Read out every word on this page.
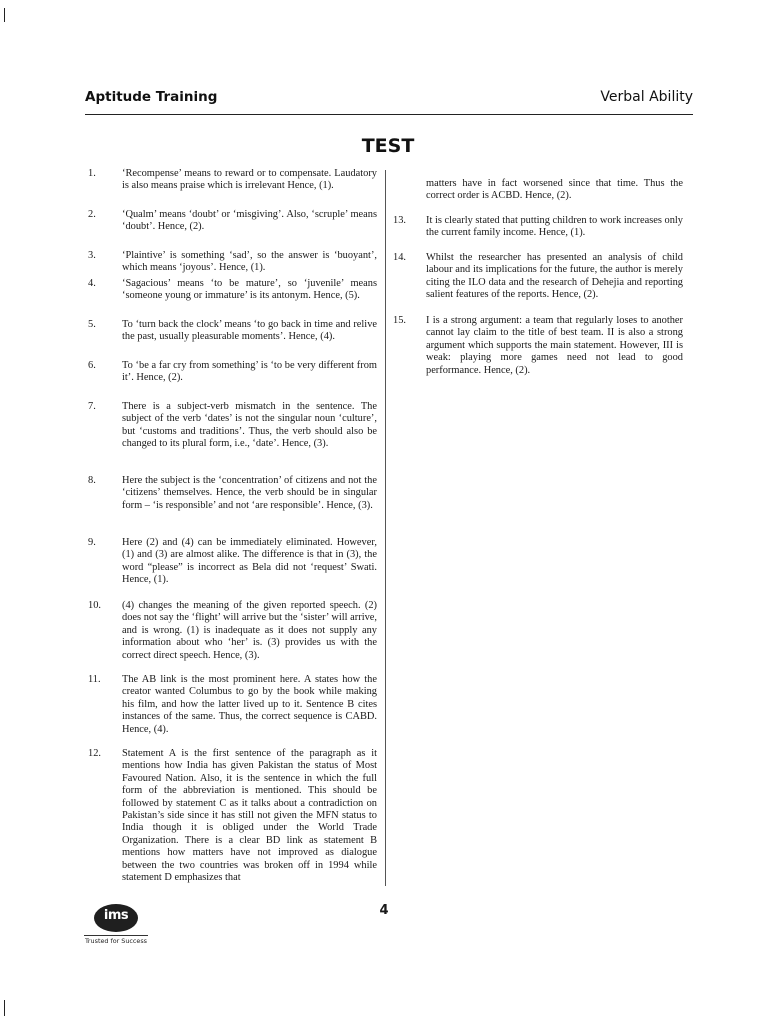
Aptitude Training	Verbal Ability
TEST
1.	‘Recompense’ means to reward or to compensate. Laudatory is also means praise which is irrelevant Hence, (1).
2.	‘Qualm’ means ‘doubt’ or ‘misgiving’. Also, ‘scruple’ means ‘doubt’. Hence, (2).
3.	‘Plaintive’ is something ‘sad’, so the answer is ‘buoyant’, which means ‘joyous’. Hence, (1).
4.	‘Sagacious’ means ‘to be mature’, so ‘juvenile’ means ‘someone young or immature’ is its antonym. Hence, (5).
5.	To ‘turn back the clock’ means ‘to go back in time and relive the past, usually pleasurable moments’. Hence, (4).
6.	To ‘be a far cry from something’ is ‘to be very different from it’. Hence, (2).
7.	There is a subject-verb mismatch in the sentence. The subject of the verb ‘dates’ is not the singular noun ‘culture’, but ‘customs and traditions’. Thus, the verb should also be changed to its plural form, i.e., ‘date’. Hence, (3).
8.	Here the subject is the ‘concentration’ of citizens and not the ‘citizens’ themselves. Hence, the verb should be in singular form – ‘is responsible’ and not ‘are responsible’. Hence, (3).
9.	Here (2) and (4) can be immediately eliminated. However, (1) and (3) are almost alike. The difference is that in (3), the word “please” is incorrect as Bela did not ‘request’ Swati. Hence, (1).
10. (4) changes the meaning of the given reported speech. (2) does not say the ‘flight’ will arrive but the ‘sister’ will arrive, and is wrong. (1) is inadequate as it does not supply any information about who ‘her’ is. (3) provides us with the correct direct speech. Hence, (3).
11. The AB link is the most prominent here. A states how the creator wanted Columbus to go by the book while making his film, and how the latter lived up to it. Sentence B cites instances of the same. Thus, the correct sequence is CABD. Hence, (4).
12. Statement A is the first sentence of the paragraph as it mentions how India has given Pakistan the status of Most Favoured Nation. Also, it is the sentence in which the full form of the abbreviation is mentioned. This should be followed by statement C as it talks about a contradiction on Pakistan’s side since it has still not given the MFN status to India though it is obliged under the World Trade Organization. There is a clear BD link as statement B mentions how matters have not improved as dialogue between the two countries was broken off in 1994 while statement D emphasizes that
matters have in fact worsened since that time. Thus the correct order is ACBD. Hence, (2).
13. It is clearly stated that putting children to work increases only the current family income. Hence, (1).
14. Whilst the researcher has presented an analysis of child labour and its implications for the future, the author is merely citing the ILO data and the research of Dehejia and reporting salient features of the reports. Hence, (2).
15. I is a strong argument: a team that regularly loses to another cannot lay claim to the title of best team. II is also a strong argument which supports the main statement. However, III is weak: playing more games need not lead to good performance. Hence, (2).
4
ims
Trusted for Success
